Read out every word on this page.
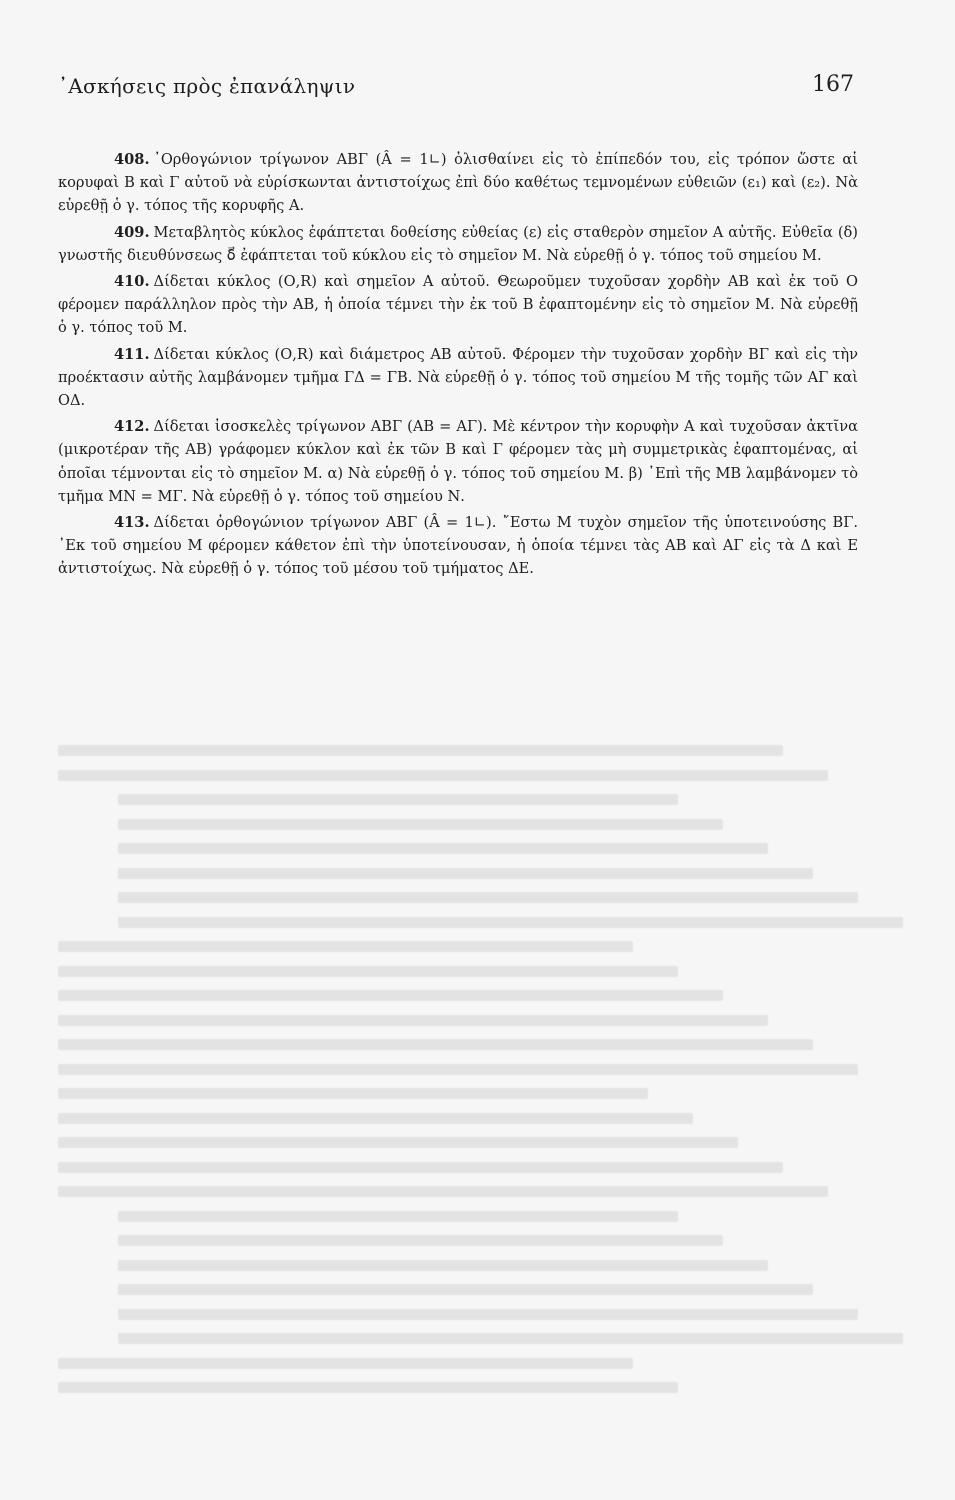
᾿Ασκήσεις πρὸς ἐπανάληψιν	167

408. ᾿Ορθογώνιον τρίγωνον ΑΒΓ (Â = 1∟) ὀλισθαίνει εἰς τὸ ἐπίπεδόν του, εἰς τρόπον ὥστε αἱ κορυφαὶ Β καὶ Γ αὐτοῦ νὰ εὑρίσκωνται ἀντιστοίχως ἐπὶ δύο καθέτως τεμνομένων εὐθειῶν (ε₁) καὶ (ε₂). Νὰ εὑρεθῇ ὁ γ. τόπος τῆς κορυφῆς Α.

409. Μεταβλητὸς κύκλος ἐφάπτεται δοθείσης εὐθείας (ε) εἰς σταθερὸν σημεῖον Α αὐτῆς. Εὐθεῖα (δ) γνωστῆς διευθύνσεως δ⃗ ἐφάπτεται τοῦ κύκλου εἰς τὸ σημεῖον Μ. Νὰ εὑρεθῇ ὁ γ. τόπος τοῦ σημείου Μ.

410. Δίδεται κύκλος (Ο,R) καὶ σημεῖον Α αὐτοῦ. Θεωροῦμεν τυχοῦσαν χορδὴν ΑΒ καὶ ἐκ τοῦ Ο φέρομεν παράλληλον πρὸς τὴν ΑΒ, ἡ ὁποία τέμνει τὴν ἐκ τοῦ Β ἐφαπτομένην εἰς τὸ σημεῖον Μ. Νὰ εὑρεθῇ ὁ γ. τόπος τοῦ Μ.

411. Δίδεται κύκλος (Ο,R) καὶ διάμετρος ΑΒ αὐτοῦ. Φέρομεν τὴν τυχοῦσαν χορδὴν ΒΓ καὶ εἰς τὴν προέκτασιν αὐτῆς λαμβάνομεν τμῆμα ΓΔ = ΓΒ. Νὰ εὑρεθῇ ὁ γ. τόπος τοῦ σημείου Μ τῆς τομῆς τῶν ΑΓ καὶ ΟΔ.

412. Δίδεται ἰσοσκελὲς τρίγωνον ΑΒΓ (ΑΒ = ΑΓ). Μὲ κέντρον τὴν κορυφὴν Α καὶ τυχοῦσαν ἀκτῖνα (μικροτέραν τῆς ΑΒ) γράφομεν κύκλον καὶ ἐκ τῶν Β καὶ Γ φέρομεν τὰς μὴ συμμετρικὰς ἐφαπτομένας, αἱ ὁποῖαι τέμνονται εἰς τὸ σημεῖον Μ. α) Νὰ εὑρεθῇ ὁ γ. τόπος τοῦ σημείου Μ. β) ᾿Επὶ τῆς ΜΒ λαμβάνομεν τὸ τμῆμα ΜΝ = ΜΓ. Νὰ εὑρεθῇ ὁ γ. τόπος τοῦ σημείου Ν.

413. Δίδεται ὀρθογώνιον τρίγωνον ΑΒΓ (Â = 1∟). ῎Εστω Μ τυχὸν σημεῖον τῆς ὑποτεινούσης ΒΓ. ᾿Εκ τοῦ σημείου Μ φέρομεν κάθετον ἐπὶ τὴν ὑποτείνουσαν, ἡ ὁποία τέμνει τὰς ΑΒ καὶ ΑΓ εἰς τὰ Δ καὶ Ε ἀντιστοίχως. Νὰ εὑρεθῇ ὁ γ. τόπος τοῦ μέσου τοῦ τμήματος ΔΕ.
